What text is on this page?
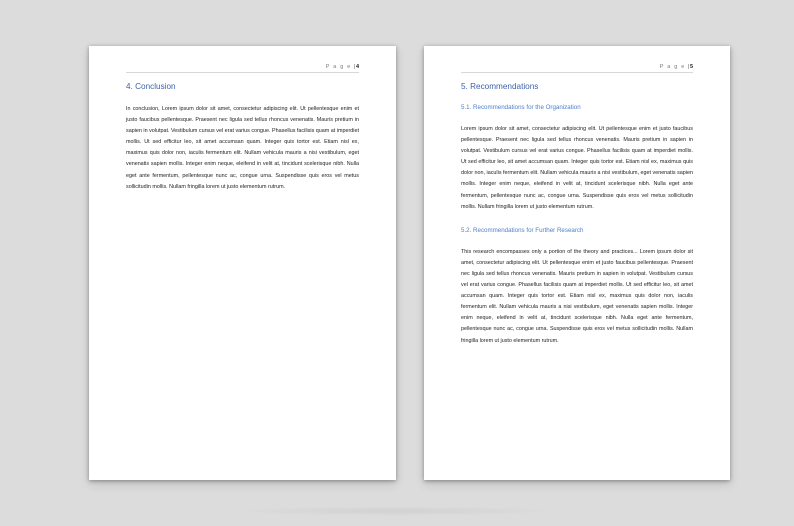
P a g e |4
4. Conclusion

In conclusion, Lorem ipsum dolor sit amet, consectetur adipiscing elit. Ut pellentesque enim et justo faucibus pellentesque. Praesent nec ligula sed tellus rhoncus venenatis. Mauris pretium in sapien in volutpat. Vestibulum cursus vel erat varius congue. Phasellus facilisis quam at imperdiet mollis. Ut sed efficitur leo, sit amet accumsan quam. Integer quis tortor est. Etiam nisl ex, maximus quis dolor non, iaculis fermentum elit. Nullam vehicula mauris a nisi vestibulum, eget venenatis sapien mollis. Integer enim neque, eleifend in velit at, tincidunt scelerisque nibh. Nulla eget ante fermentum, pellentesque nunc ac, congue urna. Suspendisse quis eros vel metus sollicitudin mollis. Nullam fringilla lorem ut justo elementum rutrum.

P a g e |5
5. Recommendations
5.1. Recommendations for the Organization

Lorem ipsum dolor sit amet, consectetur adipiscing elit. Ut pellentesque enim et justo faucibus pellentesque. Praesent nec ligula sed tellus rhoncus venenatis. Mauris pretium in sapien in volutpat. Vestibulum cursus vel erat varius congue. Phasellus facilisis quam at imperdiet mollis. Ut sed efficitur leo, sit amet accumsan quam. Integer quis tortor est. Etiam nisl ex, maximus quis dolor non, iaculis fermentum elit. Nullam vehicula mauris a nisi vestibulum, eget venenatis sapien mollis. Integer enim neque, eleifend in velit at, tincidunt scelerisque nibh. Nulla eget ante fermentum, pellentesque nunc ac, congue urna. Suspendisse quis eros vel metus sollicitudin mollis. Nullam fringilla lorem ut justo elementum rutrum.

5.2. Recommendations for Further Research

This research encompasses only a portion of the theory and practices... Lorem ipsum dolor sit amet, consectetur adipiscing elit. Ut pellentesque enim et justo faucibus pellentesque. Praesent nec ligula sed tellus rhoncus venenatis. Mauris pretium in sapien in volutpat. Vestibulum cursus vel erat varius congue. Phasellus facilisis quam at imperdiet mollis. Ut sed efficitur leo, sit amet accumsan quam. Integer quis tortor est. Etiam nisl ex, maximus quis dolor non, iaculis fermentum elit. Nullam vehicula mauris a nisi vestibulum, eget venenatis sapien mollis. Integer enim neque, eleifend in velit at, tincidunt scelerisque nibh. Nulla eget ante fermentum, pellentesque nunc ac, congue urna. Suspendisse quis eros vel metus sollicitudin mollis. Nullam fringilla lorem ut justo elementum rutrum.
